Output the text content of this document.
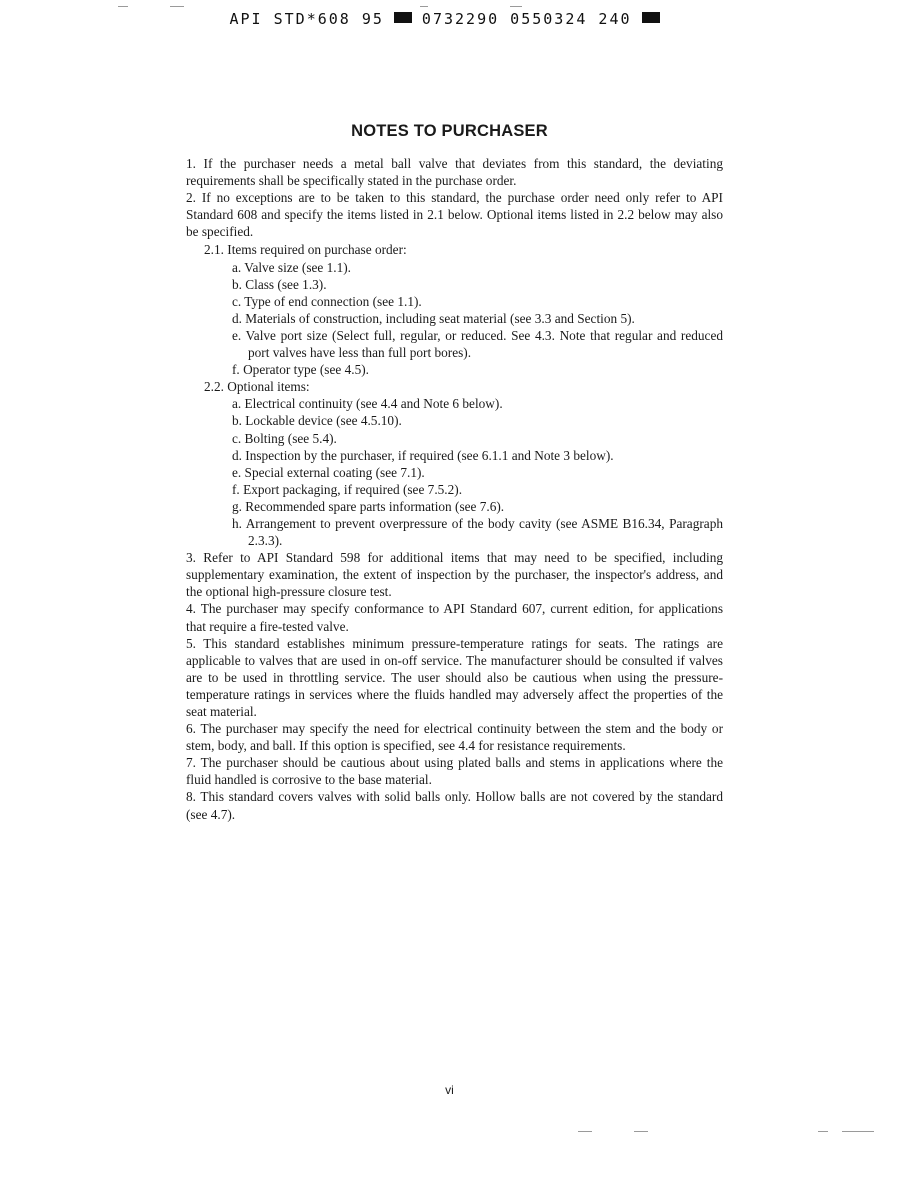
API STD*608 95	0732290 0550324 240
NOTES TO PURCHASER

1. If the purchaser needs a metal ball valve that deviates from this standard, the deviating requirements shall be specifically stated in the purchase order.

2. If no exceptions are to be taken to this standard, the purchase order need only refer to API Standard 608 and specify the items listed in 2.1 below. Optional items listed in 2.2 below may also be specified.

2.1. Items required on purchase order:

a. Valve size (see 1.1).
b. Class (see 1.3).
c. Type of end connection (see 1.1).
d. Materials of construction, including seat material (see 3.3 and Section 5).
e. Valve port size (Select full, regular, or reduced. See 4.3. Note that regular and reduced port valves have less than full port bores).
f. Operator type (see 4.5).

2.2. Optional items:

a. Electrical continuity (see 4.4 and Note 6 below).
b. Lockable device (see 4.5.10).
c. Bolting (see 5.4).
d. Inspection by the purchaser, if required (see 6.1.1 and Note 3 below).
e. Special external coating (see 7.1).
f. Export packaging, if required (see 7.5.2).
g. Recommended spare parts information (see 7.6).
h. Arrangement to prevent overpressure of the body cavity (see ASME B16.34, Paragraph 2.3.3).

3. Refer to API Standard 598 for additional items that may need to be specified, including supplementary examination, the extent of inspection by the purchaser, the inspector's address, and the optional high-pressure closure test.

4. The purchaser may specify conformance to API Standard 607, current edition, for applications that require a fire-tested valve.

5. This standard establishes minimum pressure-temperature ratings for seats. The ratings are applicable to valves that are used in on-off service. The manufacturer should be consulted if valves are to be used in throttling service. The user should also be cautious when using the pressure-temperature ratings in services where the fluids handled may adversely affect the properties of the seat material.

6. The purchaser may specify the need for electrical continuity between the stem and the body or stem, body, and ball. If this option is specified, see 4.4 for resistance requirements.

7. The purchaser should be cautious about using plated balls and stems in applications where the fluid handled is corrosive to the base material.

8. This standard covers valves with solid balls only. Hollow balls are not covered by the standard (see 4.7).

vi
